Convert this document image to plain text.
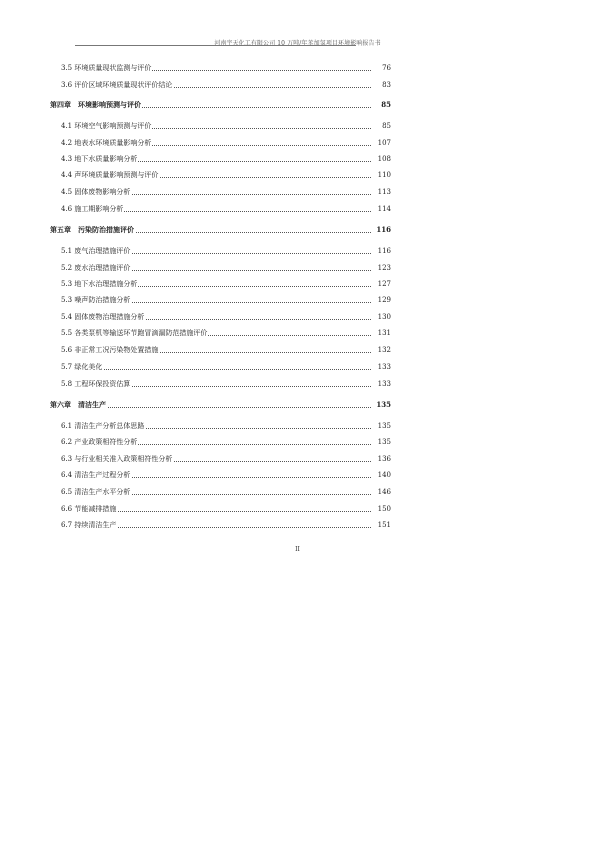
河南宇天化工有限公司 10 万吨/年苯加氢项目环境影响报告书
3.5 环境质量现状监测与评价	76
3.6 评价区域环境质量现状评价结论	83
第四章　环境影响预测与评价	85
4.1 环境空气影响预测与评价	85
4.2 地表水环境质量影响分析	107
4.3 地下水质量影响分析	108
4.4 声环境质量影响预测与评价	110
4.5 固体废物影响分析	113
4.6 施工期影响分析	114
第五章　污染防治措施评价	116
5.1 废气治理措施评价	116
5.2 废水治理措施评价	123
5.3 地下水治理措施分析	127
5.3 噪声防治措施分析	129
5.4 固体废物治理措施分析	130
5.5 各类泵机等输送环节跑冒滴漏防范措施评价	131
5.6 非正常工况污染物处置措施	132
5.7 绿化美化	133
5.8 工程环保投资估算	133
第六章　清洁生产	135
6.1 清洁生产分析总体思路	135
6.2 产业政策相符性分析	135
6.3 与行业相关准入政策相符性分析	136
6.4 清洁生产过程分析	140
6.5 清洁生产水平分析	146
6.6 节能减排措施	150
6.7 持续清洁生产	151
II
